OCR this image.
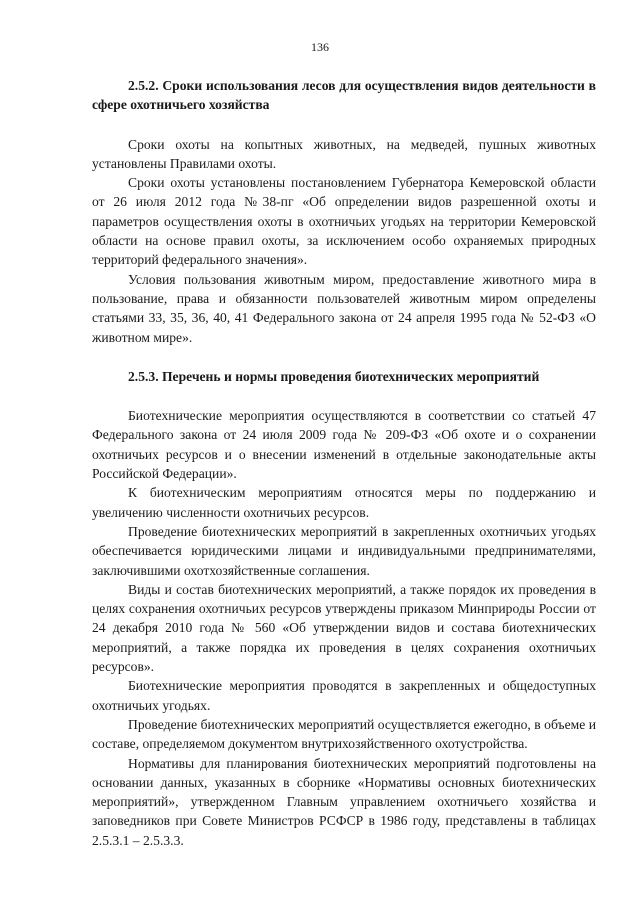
136

2.5.2. Сроки использования лесов для осуществления видов деятельности в сфере охотничьего хозяйства

Сроки охоты на копытных животных, на медведей, пушных животных установлены Правилами охоты.

Сроки охоты установлены постановлением Губернатора Кемеровской области от 26 июля 2012 года №38-пг «Об определении видов разрешенной охоты и параметров осуществления охоты в охотничьих угодьях на территории Кемеровской области на основе правил охоты, за исключением особо охраняемых природных территорий федерального значения».

Условия пользования животным миром, предоставление животного мира в пользование, права и обязанности пользователей животным миром определены статьями 33, 35, 36, 40, 41 Федерального закона от 24 апреля 1995 года № 52-ФЗ «О животном мире».

2.5.3. Перечень и нормы проведения биотехнических мероприятий

Биотехнические мероприятия осуществляются в соответствии со статьей 47 Федерального закона от 24 июля 2009 года № 209-ФЗ «Об охоте и о сохранении охотничьих ресурсов и о внесении изменений в отдельные законодательные акты Российской Федерации».

К биотехническим мероприятиям относятся меры по поддержанию и увеличению численности охотничьих ресурсов.

Проведение биотехнических мероприятий в закрепленных охотничьих угодьях обеспечивается юридическими лицами и индивидуальными предпринимателями, заключившими охотхозяйственные соглашения.

Виды и состав биотехнических мероприятий, а также порядок их проведения в целях сохранения охотничьих ресурсов утверждены приказом Минприроды России от 24 декабря 2010 года № 560 «Об утверждении видов и состава биотехнических мероприятий, а также порядка их проведения в целях сохранения охотничьих ресурсов».

Биотехнические мероприятия проводятся в закрепленных и общедоступных охотничьих угодьях.

Проведение биотехнических мероприятий осуществляется ежегодно, в объеме и составе, определяемом документом внутрихозяйственного охотустройства.

Нормативы для планирования биотехнических мероприятий подготовлены на основании данных, указанных в сборнике «Нормативы основных биотехнических мероприятий», утвержденном Главным управлением охотничьего хозяйства и заповедников при Совете Министров РСФСР в 1986 году, представлены в таблицах 2.5.3.1 – 2.5.3.3.
